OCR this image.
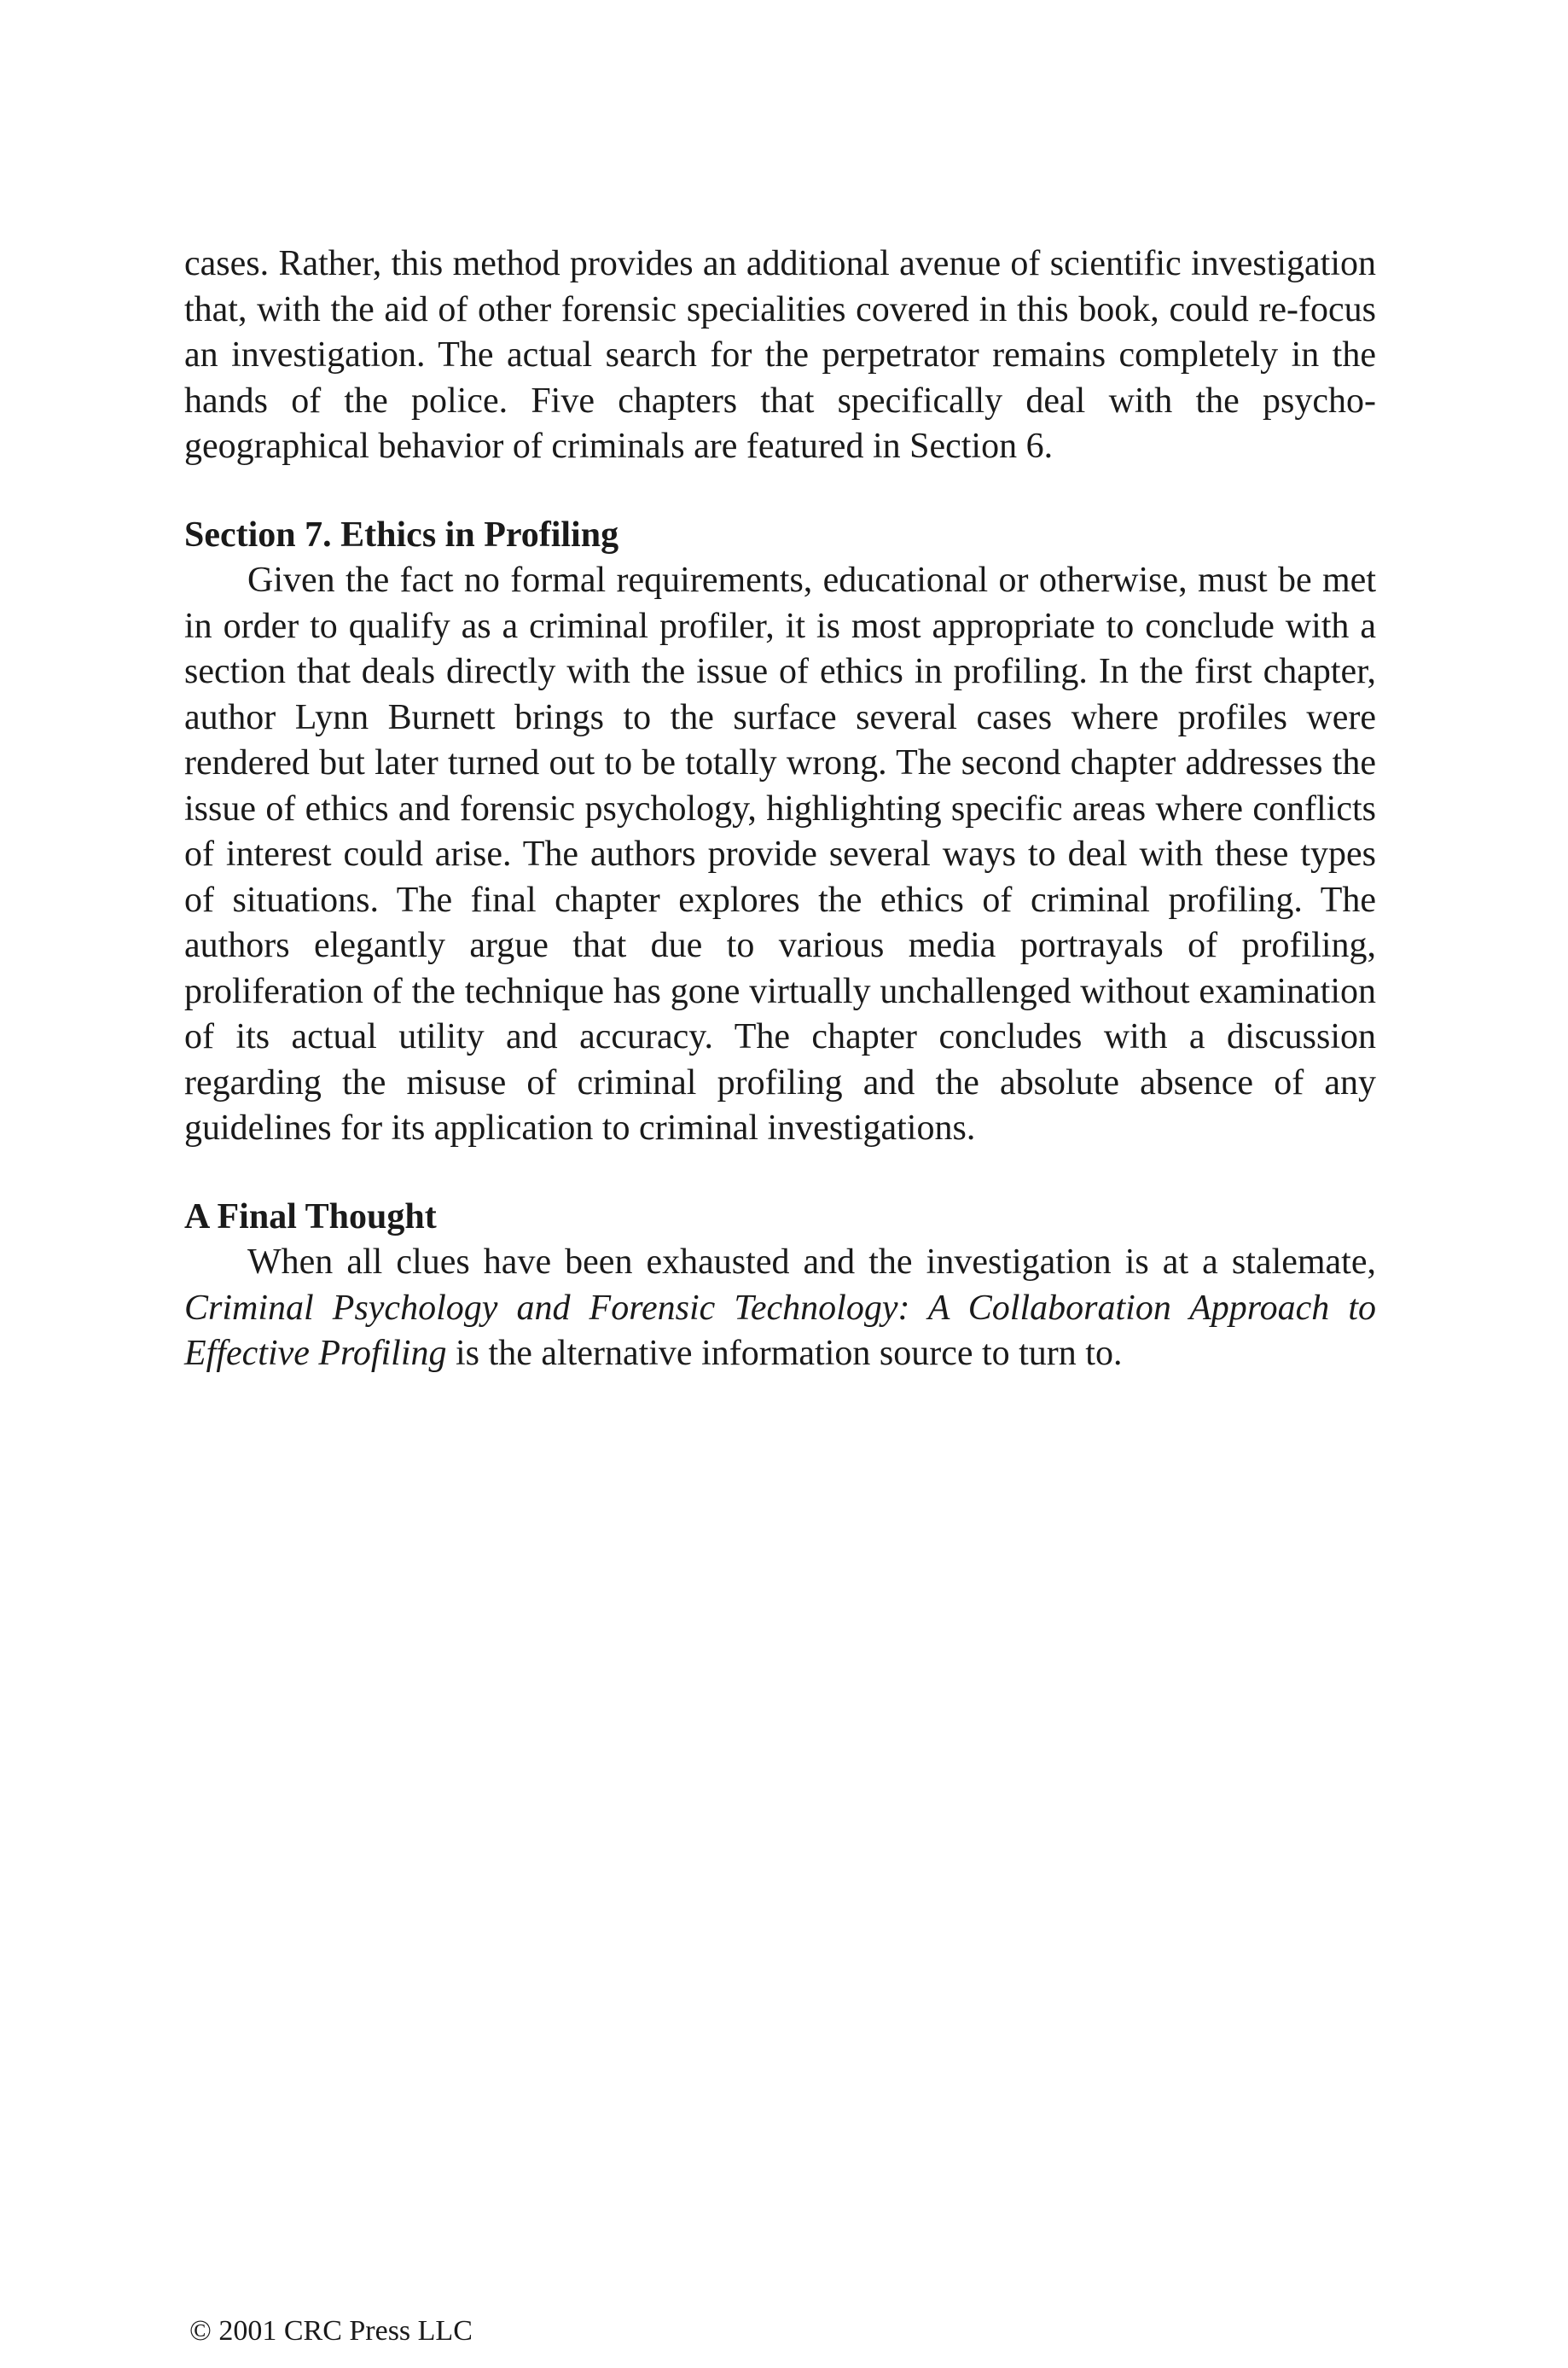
cases. Rather, this method provides an additional avenue of scientific investigation that, with the aid of other forensic specialities covered in this book, could re-focus an investigation. The actual search for the perpetrator remains completely in the hands of the police. Five chapters that specifically deal with the psycho-geographical behavior of criminals are featured in Section 6.

Section 7. Ethics in Profiling

Given the fact no formal requirements, educational or otherwise, must be met in order to qualify as a criminal profiler, it is most appropriate to conclude with a section that deals directly with the issue of ethics in profiling. In the first chapter, author Lynn Burnett brings to the surface several cases where profiles were rendered but later turned out to be totally wrong. The second chapter addresses the issue of ethics and forensic psychology, highlighting specific areas where conflicts of interest could arise. The authors provide several ways to deal with these types of situations. The final chapter explores the ethics of criminal profiling. The authors elegantly argue that due to various media portrayals of profiling, proliferation of the technique has gone virtually unchallenged without examination of its actual utility and accuracy. The chapter concludes with a discussion regarding the misuse of criminal profiling and the absolute absence of any guidelines for its application to criminal investigations.

A Final Thought

When all clues have been exhausted and the investigation is at a stalemate, Criminal Psychology and Forensic Technology: A Collaboration Approach to Effective Profiling is the alternative information source to turn to.

© 2001 CRC Press LLC
